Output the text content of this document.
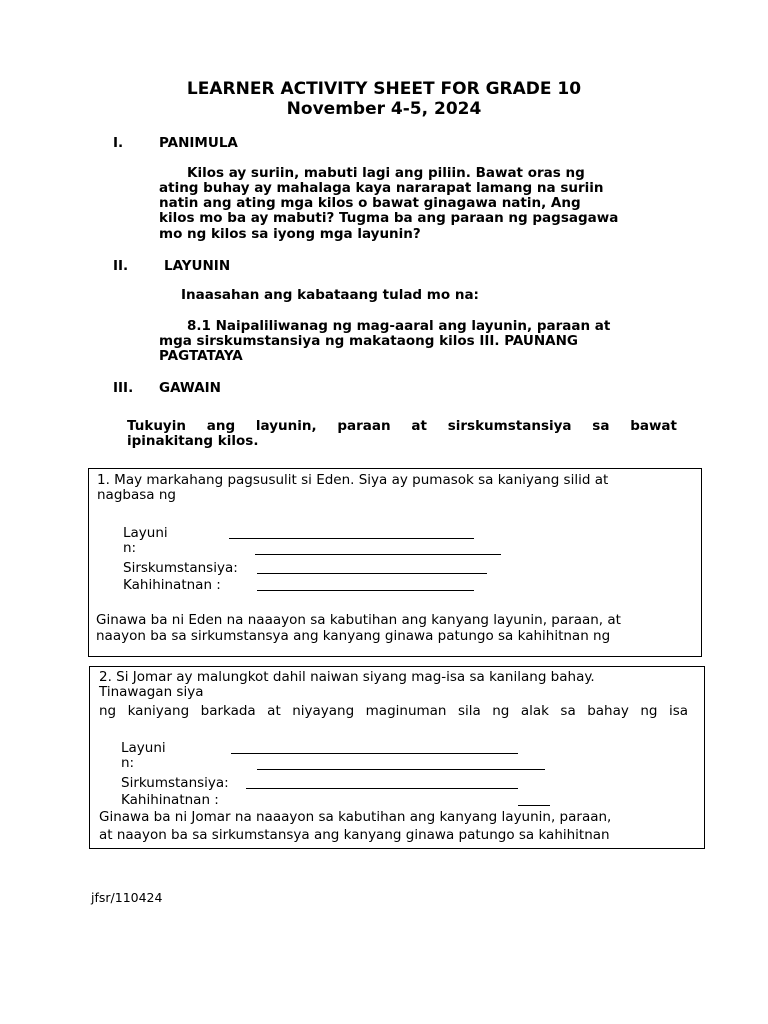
LEARNER ACTIVITY SHEET FOR GRADE 10
November 4-5, 2024
I.	PANIMULA
Kilos ay suriin, mabuti lagi ang piliin. Bawat oras ng
ating buhay ay mahalaga kaya nararapat lamang na suriin
natin ang ating mga kilos o bawat ginagawa natin, Ang
kilos mo ba ay mabuti? Tugma ba ang paraan ng pagsagawa
mo ng kilos sa iyong mga layunin?
II.	LAYUNIN
Inaasahan ang kabataang tulad mo na:
8.1 Naipaliliwanag ng mag-aaral ang layunin, paraan at
mga sirskumstansiya ng makataong kilos III. PAUNANG
PAGTATAYA
III. GAWAIN
Tukuyin ang layunin, paraan at sirskumstansiya sa bawat
ipinakitang kilos.
1. May markahang pagsusulit si Eden. Siya ay pumasok sa kaniyang silid at
nagbasa ng
Layuni
n:
Sirskumstansiya:
Kahihinatnan :
Ginawa ba ni Eden na naaayon sa kabutihan ang kanyang layunin, paraan, at
naayon ba sa sirkumstansya ang kanyang ginawa patungo sa kahihitnan ng
2. Si Jomar ay malungkot dahil naiwan siyang mag-isa sa kanilang bahay.
Tinawagan siya
ng kaniyang barkada at niyayang maginuman sila ng alak sa bahay ng isa
Layuni
n:
Sirkumstansiya:
Kahihinatnan :
Ginawa ba ni Jomar na naaayon sa kabutihan ang kanyang layunin, paraan,
at naayon ba sa sirkumstansya ang kanyang ginawa patungo sa kahihitnan
jfsr/110424
